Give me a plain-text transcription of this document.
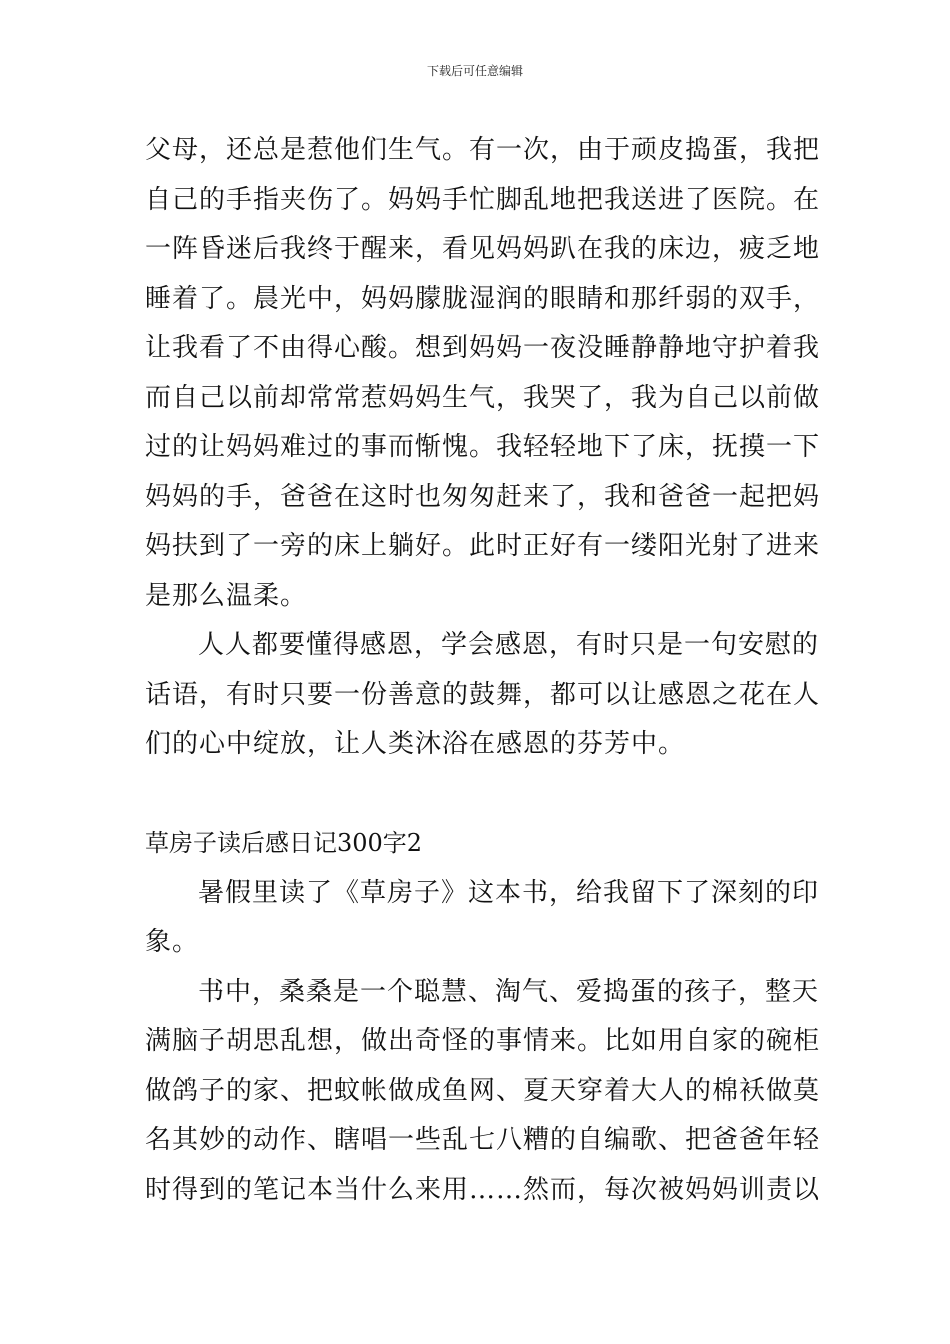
下载后可任意编辑
父母，还总是惹他们生气。有一次，由于顽皮捣蛋，我把
自己的手指夹伤了。妈妈手忙脚乱地把我送进了医院。在
一阵昏迷后我终于醒来，看见妈妈趴在我的床边，疲乏地
睡着了。晨光中，妈妈朦胧湿润的眼睛和那纤弱的双手，
让我看了不由得心酸。想到妈妈一夜没睡静静地守护着我
而自己以前却常常惹妈妈生气，我哭了，我为自己以前做
过的让妈妈难过的事而惭愧。我轻轻地下了床，抚摸一下
妈妈的手，爸爸在这时也匆匆赶来了，我和爸爸一起把妈
妈扶到了一旁的床上躺好。此时正好有一缕阳光射了进来
是那么温柔。
人人都要懂得感恩，学会感恩，有时只是一句安慰的
话语，有时只要一份善意的鼓舞，都可以让感恩之花在人
们的心中绽放，让人类沐浴在感恩的芬芳中。
草房子读后感日记300字2
暑假里读了《草房子》这本书，给我留下了深刻的印
象。
书中，桑桑是一个聪慧、淘气、爱捣蛋的孩子，整天
满脑子胡思乱想，做出奇怪的事情来。比如用自家的碗柜
做鸽子的家、把蚊帐做成鱼网、夏天穿着大人的棉袄做莫
名其妙的动作、瞎唱一些乱七八糟的自编歌、把爸爸年轻
时得到的笔记本当什么来用……然而，每次被妈妈训责以
